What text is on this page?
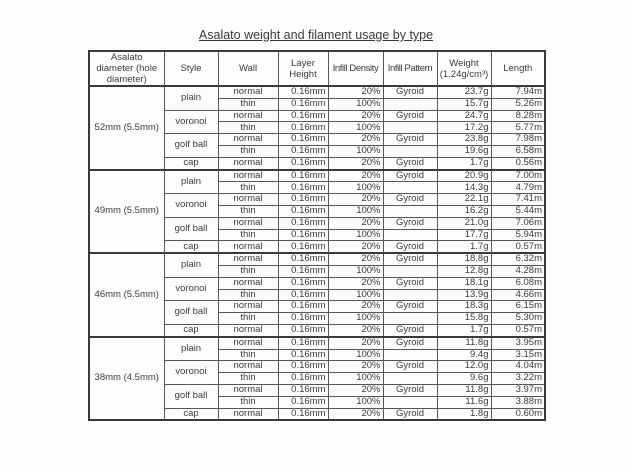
Asalato weight and filament usage by type
Asalato diameter (hole diameter)	Style	Wall	Layer Height	Infill Density	Infill Pattern	Weight (1.24g/cm³)	Length
52mm (5.5mm)	plain	normal	0.16mm	20%	Gyroid	23.7g	7.94m
		thin	0.16mm	100%		15.7g	5.26m
	voronoi	normal	0.16mm	20%	Gyroid	24.7g	8.28m
		thin	0.16mm	100%		17.2g	5.77m
	golf ball	normal	0.16mm	20%	Gyroid	23.8g	7.98m
		thin	0.16mm	100%		19.6g	6.58m
	cap	normal	0.16mm	20%	Gyroid	1.7g	0.56m
49mm (5.5mm)	plain	normal	0.16mm	20%	Gyroid	20.9g	7.00m
		thin	0.16mm	100%		14.3g	4.79m
	voronoi	normal	0.16mm	20%	Gyroid	22.1g	7.41m
		thin	0.16mm	100%		16.2g	5.44m
	golf ball	normal	0.16mm	20%	Gyroid	21.0g	7.06m
		thin	0.16mm	100%		17.7g	5.94m
	cap	normal	0.16mm	20%	Gyroid	1.7g	0.57m
46mm (5.5mm)	plain	normal	0.16mm	20%	Gyroid	18.8g	6.32m
		thin	0.16mm	100%		12.8g	4.28m
	voronoi	normal	0.16mm	20%	Gyroid	18.1g	6.08m
		thin	0.16mm	100%		13.9g	4.66m
	golf ball	normal	0.16mm	20%	Gyroid	18.3g	6.15m
		thin	0.16mm	100%		15.8g	5.30m
	cap	normal	0.16mm	20%	Gyroid	1.7g	0.57m
38mm (4.5mm)	plain	normal	0.16mm	20%	Gyroid	11.8g	3.95m
		thin	0.16mm	100%		9.4g	3.15m
	voronoi	normal	0.16mm	20%	Gyroid	12.0g	4.04m
		thin	0.16mm	100%		9.6g	3.22m
	golf ball	normal	0.16mm	20%	Gyroid	11.8g	3.97m
		thin	0.16mm	100%		11.6g	3.88m
	cap	normal	0.16mm	20%	Gyroid	1.8g	0.60m
